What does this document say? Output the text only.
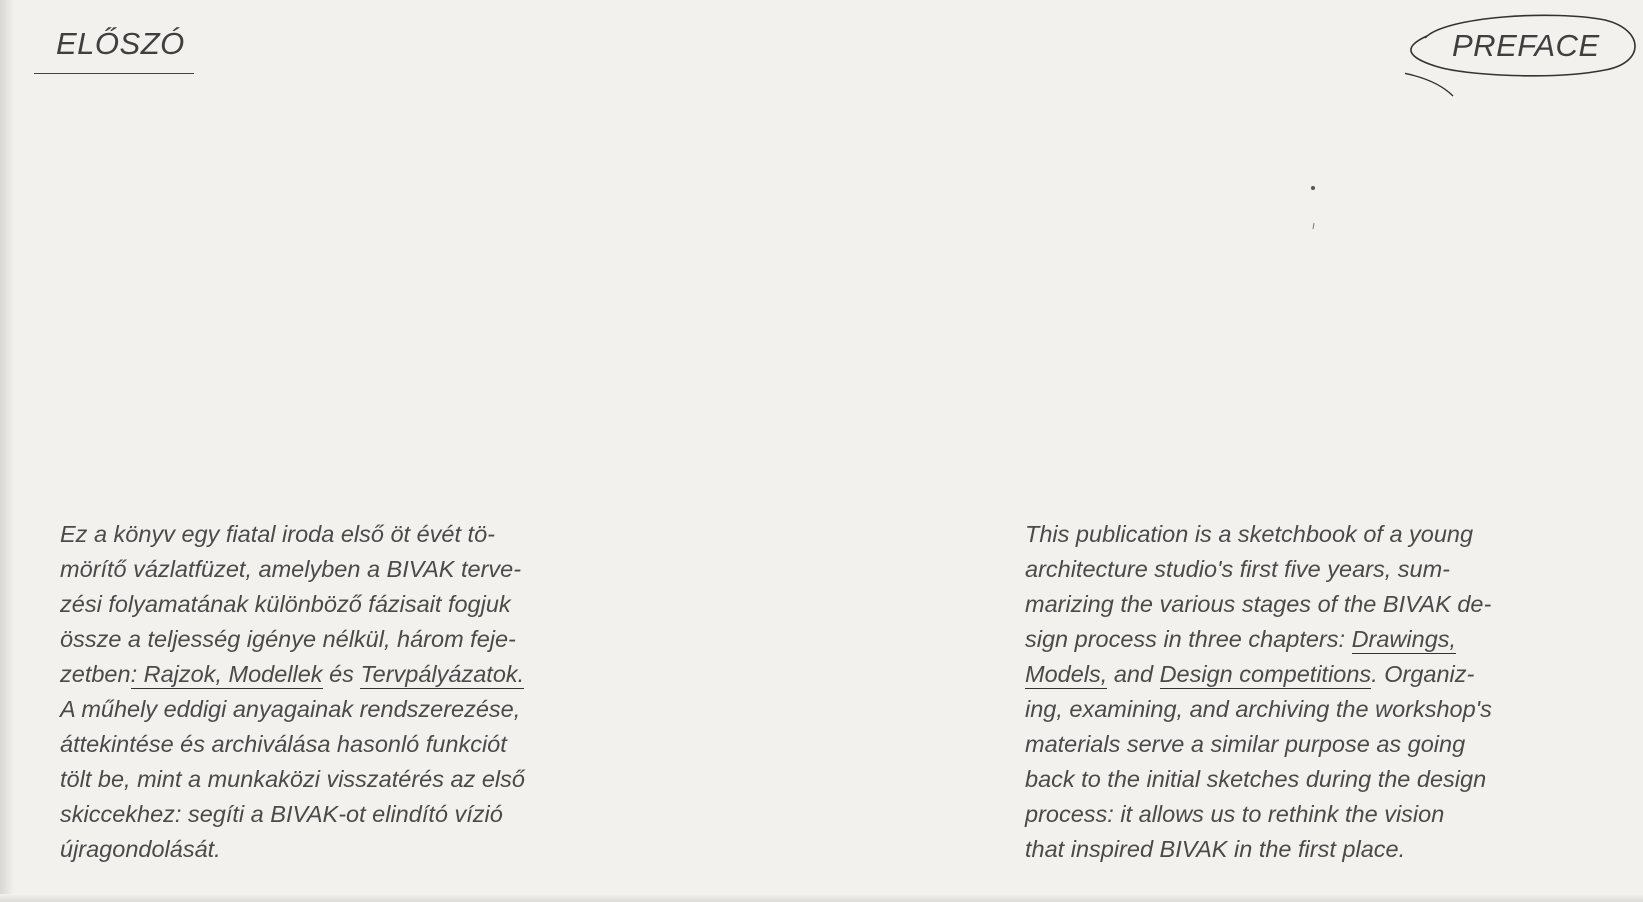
ELŐSZÓ
Ez a könyv egy fiatal iroda első öt évét tö-
mörítő vázlatfüzet, amelyben a BIVAK terve-
zési folyamatának különböző fázisait fogjuk
össze a teljesség igénye nélkül, három feje-
zetben: Rajzok, Modellek és Tervpályázatok.
A műhely eddigi anyagainak rendszerezése,
áttekintése és archiválása hasonló funkciót
tölt be, mint a munkaközi visszatérés az első
skiccekhez: segíti a BIVAK-ot elindító vízió
újragondolását.
PREFACE
This publication is a sketchbook of a young
architecture studio's first five years, sum-
marizing the various stages of the BIVAK de-
sign process in three chapters: Drawings,
Models, and Design competitions. Organiz-
ing, examining, and archiving the workshop's
materials serve a similar purpose as going
back to the initial sketches during the design
process: it allows us to rethink the vision
that inspired BIVAK in the first place.
